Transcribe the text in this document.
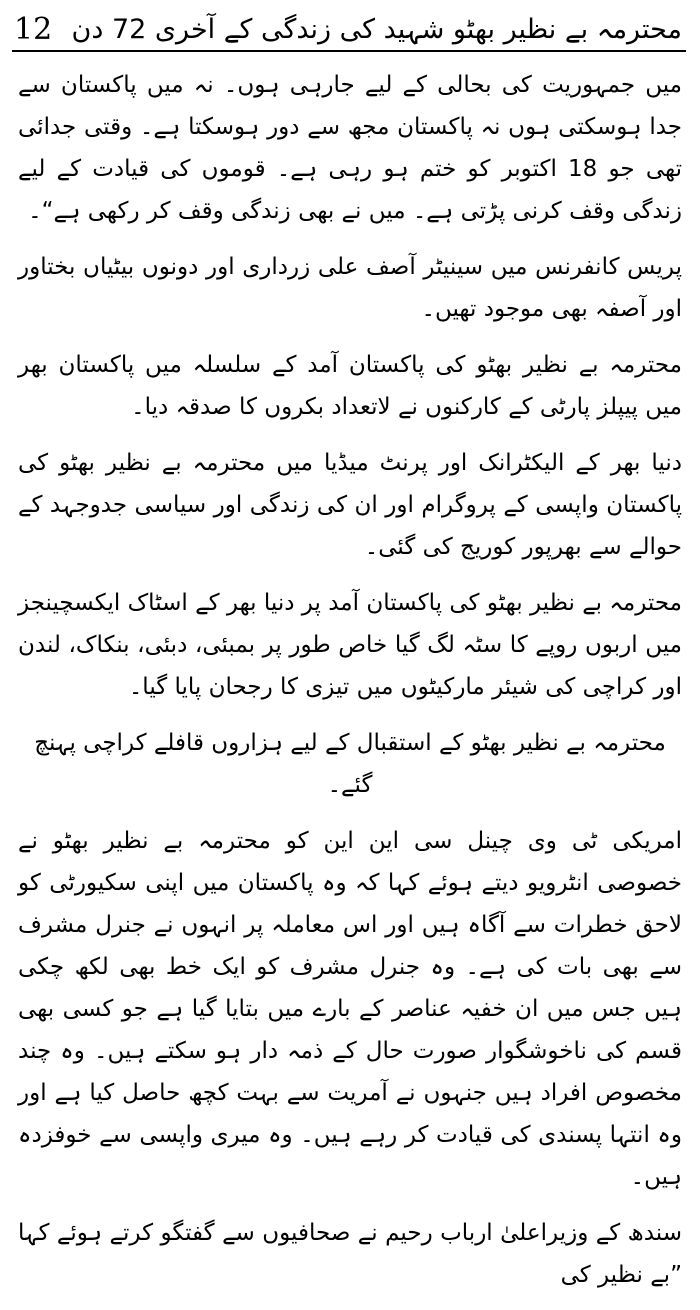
12 محترمہ بے نظیر بھٹو شہید کی زندگی کے آخری 72 دن

میں جمہوریت کی بحالی کے لیے جارہی ہوں۔ نہ میں پاکستان سے جدا ہوسکتی ہوں نہ پاکستان مجھ سے دور ہوسکتا ہے۔ وقتی جدائی تھی جو 18 اکتوبر کو ختم ہو رہی ہے۔ قوموں کی قیادت کے لیے زندگی وقف کرنی پڑتی ہے۔ میں نے بھی زندگی وقف کر رکھی ہے“۔

پریس کانفرنس میں سینیٹر آصف علی زرداری اور دونوں بیٹیاں بختاور اور آصفہ بھی موجود تھیں۔

محترمہ بے نظیر بھٹو کی پاکستان آمد کے سلسلہ میں پاکستان بھر میں پیپلز پارٹی کے کارکنوں نے لاتعداد بکروں کا صدقہ دیا۔

دنیا بھر کے الیکٹرانک اور پرنٹ میڈیا میں محترمہ بے نظیر بھٹو کی پاکستان واپسی کے پروگرام اور ان کی زندگی اور سیاسی جدوجہد کے حوالے سے بھرپور کوریج کی گئی۔

محترمہ بے نظیر بھٹو کی پاکستان آمد پر دنیا بھر کے اسٹاک ایکسچینجز میں اربوں روپے کا سٹہ لگ گیا خاص طور پر بمبئی، دبئی، بنکاک، لندن اور کراچی کی شیئر مارکیٹوں میں تیزی کا رجحان پایا گیا۔

محترمہ بے نظیر بھٹو کے استقبال کے لیے ہزاروں قافلے کراچی پہنچ گئے۔

امریکی ٹی وی چینل سی این این کو محترمہ بے نظیر بھٹو نے خصوصی انٹرویو دیتے ہوئے کہا کہ وہ پاکستان میں اپنی سکیورٹی کو لاحق خطرات سے آگاہ ہیں اور اس معاملہ پر انہوں نے جنرل مشرف سے بھی بات کی ہے۔ وہ جنرل مشرف کو ایک خط بھی لکھ چکی ہیں جس میں ان خفیہ عناصر کے بارے میں بتایا گیا ہے جو کسی بھی قسم کی ناخوشگوار صورت حال کے ذمہ دار ہو سکتے ہیں۔ وہ چند مخصوص افراد ہیں جنہوں نے آمریت سے بہت کچھ حاصل کیا ہے اور وہ انتہا پسندی کی قیادت کر رہے ہیں۔ وہ میری واپسی سے خوفزدہ ہیں۔

سندھ کے وزیراعلیٰ ارباب رحیم نے صحافیوں سے گفتگو کرتے ہوئے کہا ”بے نظیر کی
